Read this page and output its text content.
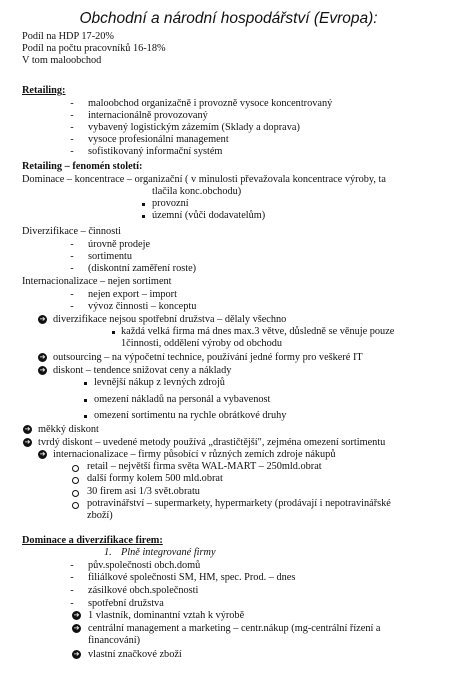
Obchodní a národní hospodářství (Evropa):
Podíl na HDP 17-20%
Podíl na počtu pracovníků 16-18%
V tom maloobchod
Retailing:
- maloobchod organizačně i provozně vysoce koncentrovaný
- internacionálně provozovaný
- vybavený logistickým zázemím (Sklady a doprava)
- vysoce profesionální management
- sofistikovaný informační systém
Retailing – fenomén století:
Dominace – koncentrace – organizační ( v minulosti převažovala koncentrace výroby, ta
tlačila konc.obchodu)
provozní
územní (vůči dodavatelům)
Diverzifikace – činnosti
- úrovně prodeje
- sortimentu
- (diskontní zaměření roste)
Internacionalizace – nejen sortiment
- nejen export – import
- vývoz činnosti – konceptu
➔ diverzifikace nejsou spotřební družstva – dělaly všechno
každá velká firma má dnes max.3 větve, důsledně se věnuje pouze
1činnosti, oddělení výroby od obchodu
➔ outsourcing – na výpočetní technice, používání jedné formy pro veškeré IT
➔ diskont – tendence snižovat ceny a náklady
levnější nákup z levných zdrojů
omezení nákladů na personál a vybavenost
omezení sortimentu na rychle obrátkové druhy
➔ měkký diskont
➔ tvrdý diskont – uvedené metody používá „drastičtější", zejména omezení sortimentu
➔ internacionalizace – firmy působící v různých zemích zdroje nákupů
retail – největší firma světa WAL-MART – 250mld.obrat
další formy kolem 500 mld.obrat
30 firem asi 1/3 svět.obratu
potravinářství – supermarkety, hypermarkety (prodávají i nepotravinářské
zboží)
Dominace a diverzifikace firem:
1. Plně integrované firmy
- pův.společnosti obch.domů
- filiálkové společnosti SM, HM, spec. Prod. – dnes
- zásilkové obch.společnosti
- spotřební družstva
➔ 1 vlastník, dominantní vztah k výrobě
➔ centrální management a marketing – centr.nákup (mg-centrální řízení a
financování)
➔ vlastní značkové zboží
